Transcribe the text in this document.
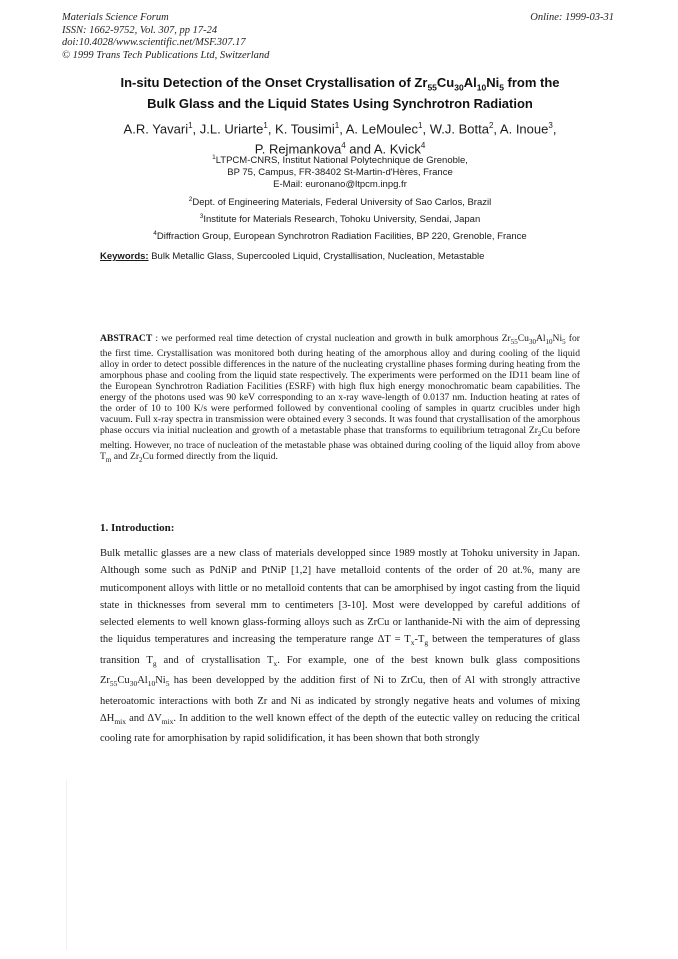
Materials Science Forum
ISSN: 1662-9752, Vol. 307, pp 17-24
doi:10.4028/www.scientific.net/MSF.307.17
© 1999 Trans Tech Publications Ltd, Switzerland
Online: 1999-03-31
In-situ Detection of the Onset Crystallisation of $Zr_{55}Cu_{30}Al_{10}Ni_5$ from the
Bulk Glass and the Liquid States Using Synchrotron Radiation
A.R. Yavari$^1$, J.L. Uriarte$^1$, K. Tousimi$^1$, A. LeMoulec$^1$, W.J. Botta$^2$, A. Inoue$^3$,
P. Rejmankova$^4$ and A. Kvick$^4$
$^1$LTPCM-CNRS, Institut National Polytechnique de Grenoble,
BP 75, Campus, FR-38402 St-Martin-d'Hères, France
E-Mail: euronano@ltpcm.inpg.fr
$^2$Dept. of Engineering Materials, Federal University of Sao Carlos, Brazil
$^3$Institute for Materials Research, Tohoku University, Sendai, Japan
$^4$Diffraction Group, European Synchrotron Radiation Facilities, BP 220, Grenoble, France
Keywords: Bulk Metallic Glass, Supercooled Liquid, Crystallisation, Nucleation, Metastable
ABSTRACT : we performed real time detection of crystal nucleation and growth in bulk amorphous $Zr_{55}Cu_{30}Al_{10}Ni_5$ for the first time. Crystallisation was monitored both during heating of the amorphous alloy and during cooling of the liquid alloy in order to detect possible differences in the nature of the nucleating crystalline phases forming during heating from the amorphous phase and cooling from the liquid state respectively. The experiments were performed on the ID11 beam line of the European Synchrotron Radiation Facilities (ESRF) with high flux high energy monochromatic beam capabilities. The energy of the photons used was 90 keV corresponding to an x-ray wave-length of 0.0137 nm. Induction heating at rates of the order of 10 to 100 K/s were performed followed by conventional cooling of samples in quartz crucibles under high vacuum. Full x-ray spectra in transmission were obtained every 3 seconds. It was found that crystallisation of the amorphous phase occurs via initial nucleation and growth of a metastable phase that transforms to equilibrium tetragonal $Zr_2Cu$ before melting. However, no trace of nucleation of the metastable phase was obtained during cooling of the liquid alloy from above $T_m$ and $Zr_2Cu$ formed directly from the liquid.
1. Introduction:
Bulk metallic glasses are a new class of materials developped since 1989 mostly at Tohoku university in Japan. Although some such as PdNiP and PtNiP [1,2] have metalloid contents of the order of 20 at.%, many are muticomponent alloys with little or no metalloid contents that can be amorphised by ingot casting from the liquid state in thicknesses from several mm to centimeters [3-10]. Most were developped by careful additions of selected elements to well known glass-forming alloys such as ZrCu or lanthanide-Ni with the aim of depressing the liquidus temperatures and increasing the temperature range $\Delta T = T_x-T_g$ between the temperatures of glass transition $T_g$ and of crystallisation $T_x$. For example, one of the best known bulk glass compositions $Zr_{55}Cu_{30}Al_{10}Ni_5$ has been developped by the addition first of Ni to ZrCu, then of Al with strongly attractive heteroatomic interactions with both Zr and Ni as indicated by strongly negative heats and volumes of mixing $\Delta H_{mix}$ and $\Delta V_{mix}$. In addition to the well known effect of the depth of the eutectic valley on reducing the critical cooling rate for amorphisation by rapid solidification, it has been shown that both strongly
